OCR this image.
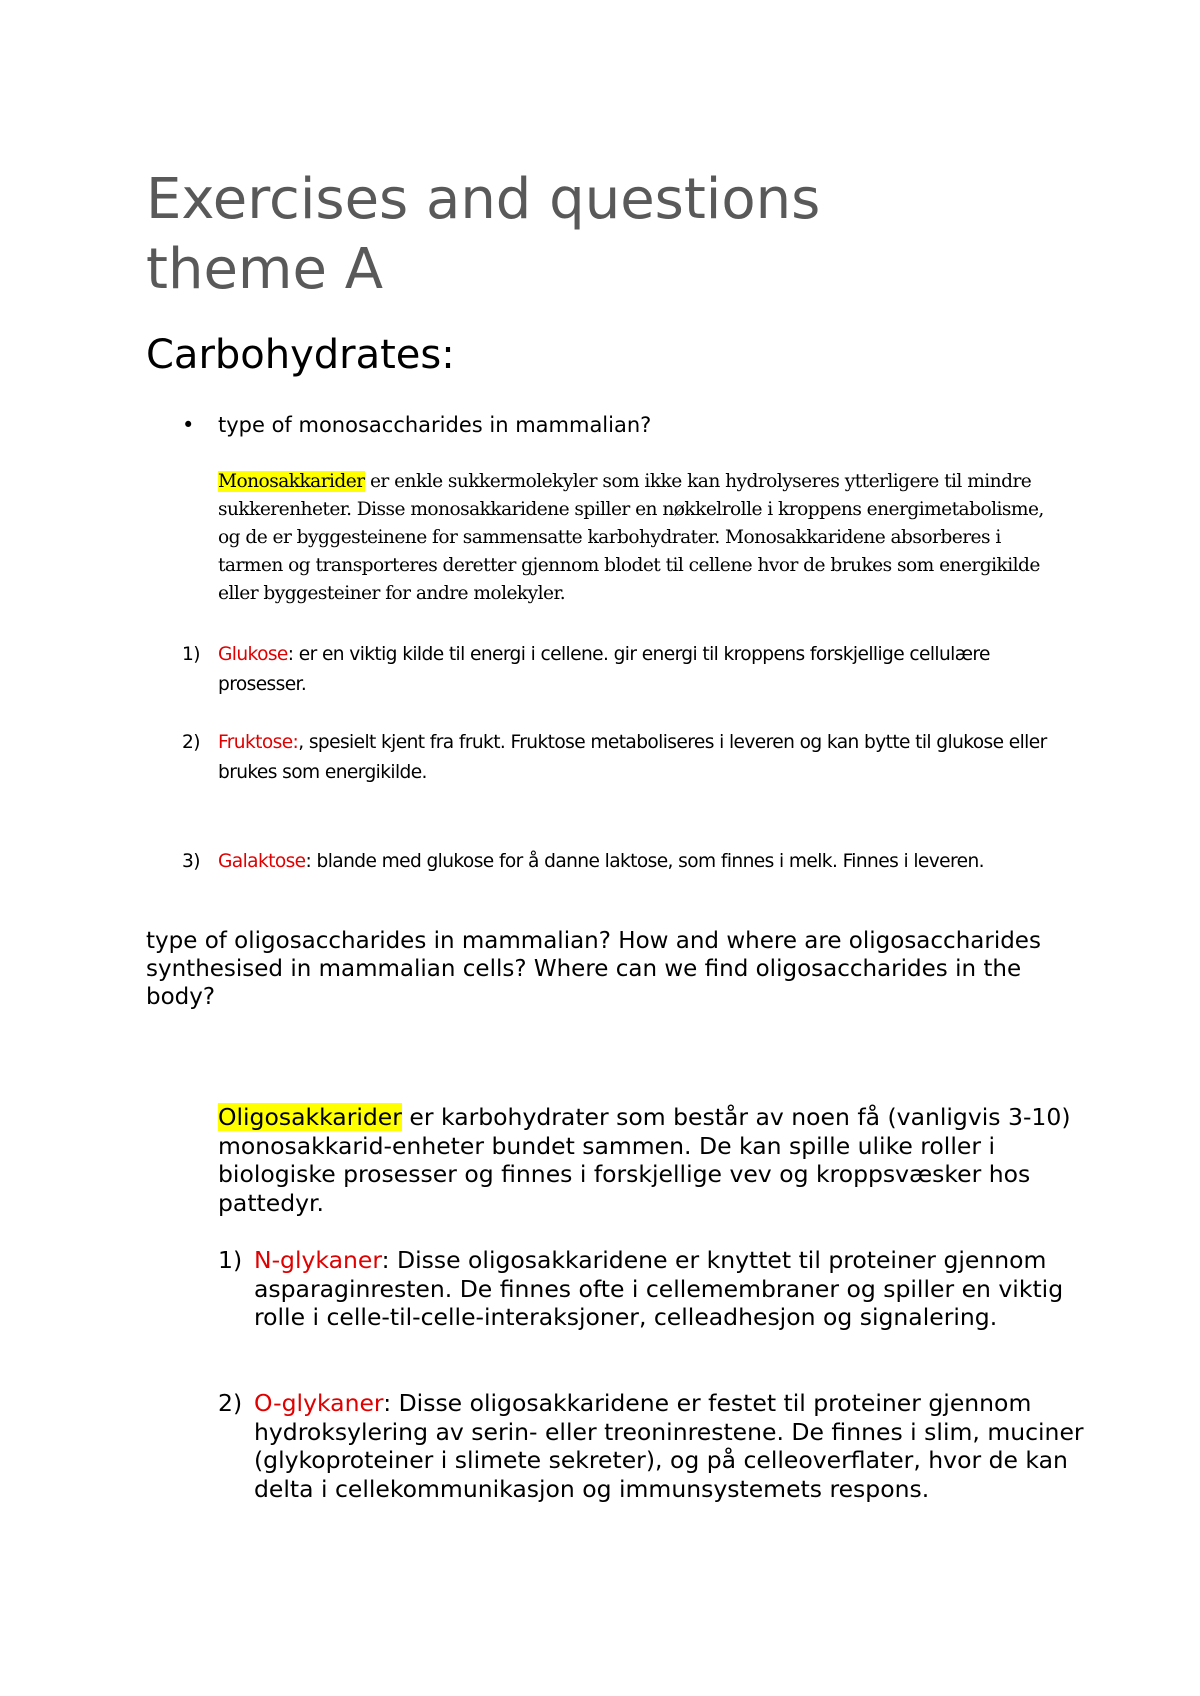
Exercises and questions
theme A
Carbohydrates:
• type of monosaccharides in mammalian?

Monosakkarider er enkle sukkermolekyler som ikke kan hydrolyseres ytterligere til mindre sukkerenheter. Disse monosakkaridene spiller en nøkkelrolle i kroppens energimetabolisme, og de er byggesteinene for sammensatte karbohydrater. Monosakkaridene absorberes i tarmen og transporteres deretter gjennom blodet til cellene hvor de brukes som energikilde eller byggesteiner for andre molekyler.

1) Glukose: er en viktig kilde til energi i cellene. gir energi til kroppens forskjellige cellulære prosesser.
2) Fruktose:, spesielt kjent fra frukt. Fruktose metaboliseres i leveren og kan bytte til glukose eller brukes som energikilde.
3) Galaktose: blande med glukose for å danne laktose, som finnes i melk. Finnes i leveren.

type of oligosaccharides in mammalian? How and where are oligosaccharides synthesised in mammalian cells? Where can we find oligosaccharides in the body?

Oligosakkarider er karbohydrater som består av noen få (vanligvis 3-10) monosakkarid-enheter bundet sammen. De kan spille ulike roller i biologiske prosesser og finnes i forskjellige vev og kroppsvæsker hos pattedyr.

1) N-glykaner: Disse oligosakkaridene er knyttet til proteiner gjennom asparaginresten. De finnes ofte i cellemembraner og spiller en viktig rolle i celle-til-celle-interaksjoner, celleadhesjon og signalering.
2) O-glykaner: Disse oligosakkaridene er festet til proteiner gjennom hydroksylering av serin- eller treoninrestene. De finnes i slim, muciner (glykoproteiner i slimete sekreter), og på celleoverflater, hvor de kan delta i cellekommunikasjon og immunsystemets respons.
